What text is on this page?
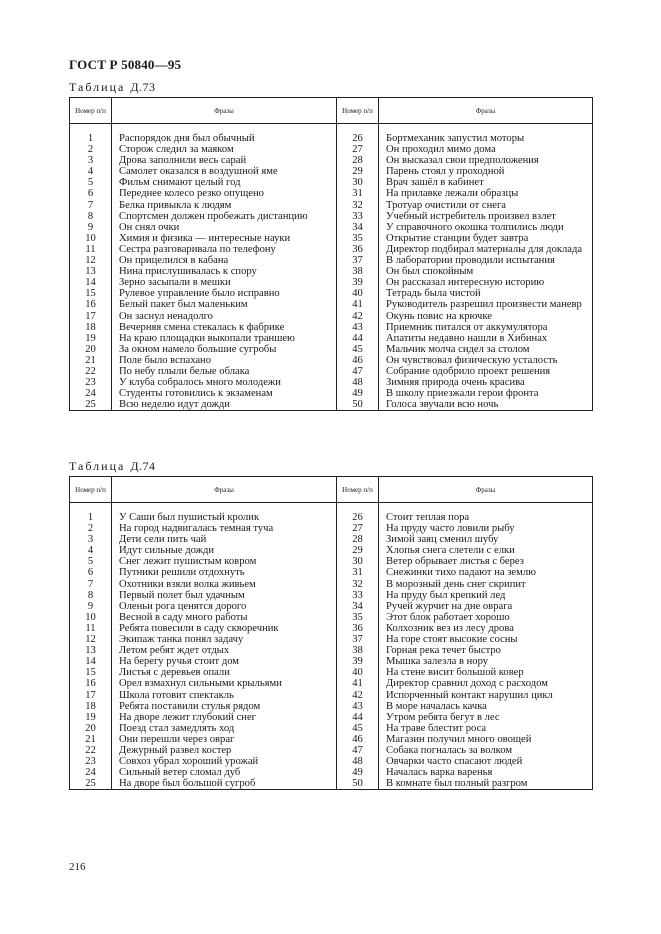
ГОСТ Р 50840—95
Таблица Д.73
Номер п/п	Фразы	Номер п/п	Фразы

1	Распорядок дня был обычный	26	Бортмеханик запустил моторы
2	Сторож следил за маяком	27	Он проходил мимо дома
3	Дрова заполнили весь сарай	28	Он высказал свои предположения
4	Самолет оказался в воздушной яме	29	Парень стоял у проходной
5	Фильм снимают целый год	30	Врач зашёл в кабинет
6	Переднее колесо резко опущено	31	На прилавке лежали образцы
7	Белка привыкла к людям	32	Тротуар очистили от снега
8	Спортсмен должен пробежать дистанцию	33	Учебный истребитель произвел взлет
9	Он снял очки	34	У справочного окошка толпились люди
10	Химия и физика — интересные науки	35	Открытие станции будет завтра
11	Сестра разговаривала по телефону	36	Директор подбирал материалы для доклада
12	Он прицелился в кабана	37	В лаборатории проводили испытания
13	Нина прислушивалась к спору	38	Он был спокойным
14	Зерно засыпали в мешки	39	Он рассказал интересную историю
15	Рулевое управление было исправно	40	Тетрадь была чистой
16	Белый пакет был маленьким	41	Руководитель разрешил произвести маневр
17	Он заснул ненадолго	42	Окунь повис на крючке
18	Вечерняя смена стекалась к фабрике	43	Приемник питался от аккумулятора
19	На краю площадки выкопали траншею	44	Апатиты недавно нашли в Хибинах
20	За окном намело большие сугробы	45	Мальчик молча сидел за столом
21	Поле было вспахано	46	Он чувствовал физическую усталость
22	По небу плыли белые облака	47	Собрание одобрило проект решения
23	У клуба собралось много молодежи	48	Зимняя природа очень красива
24	Студенты готовились к экзаменам	49	В школу приезжали герои фронта
25	Всю неделю идут дожди	50	Голоса звучали всю ночь
Таблица Д.74
Номер п/п	Фразы	Номер п/п	Фразы

1	У Саши был пушистый кролик	26	Стоит теплая пора
2	На город надвигалась темная туча	27	На пруду часто ловили рыбу
3	Дети сели пить чай	28	Зимой заяц сменил шубу
4	Идут сильные дожди	29	Хлопья снега слетели с елки
5	Снег лежит пушистым ковром	30	Ветер обрывает листья с берез
6	Путники решили отдохнуть	31	Снежинки тихо падают на землю
7	Охотники взяли волка живьем	32	В морозный день снег скрипит
8	Первый полет был удачным	33	На пруду был крепкий лед
9	Оленьи рога ценятся дорого	34	Ручей журчит на дне оврага
10	Весной в саду много работы	35	Этот блок работает хорошо
11	Ребята повесили в саду скворечник	36	Колхозник вез из лесу дрова
12	Экипаж танка понял задачу	37	На горе стоят высокие сосны
13	Летом ребят ждет отдых	38	Горная река течет быстро
14	На берегу ручья стоит дом	39	Мышка залезла в нору
15	Листья с деревьев опали	40	На стене висит большой ковер
16	Орел взмахнул сильными крыльями	41	Директор сравнил доход с расходом
17	Школа готовит спектакль	42	Испорченный контакт нарушил цикл
18	Ребята поставили стулья рядом	43	В море началась качка
19	На дворе лежит глубокий снег	44	Утром ребята бегут в лес
20	Поезд стал замедлять ход	45	На траве блестит роса
21	Они перешли через овраг	46	Магазин получил много овощей
22	Дежурный развел костер	47	Собака погналась за волком
23	Совхоз убрал хороший урожай	48	Овчарки часто спасают людей
24	Сильный ветер сломал дуб	49	Началась варка варенья
25	На дворе был большой сугроб	50	В комнате был полный разгром
216
